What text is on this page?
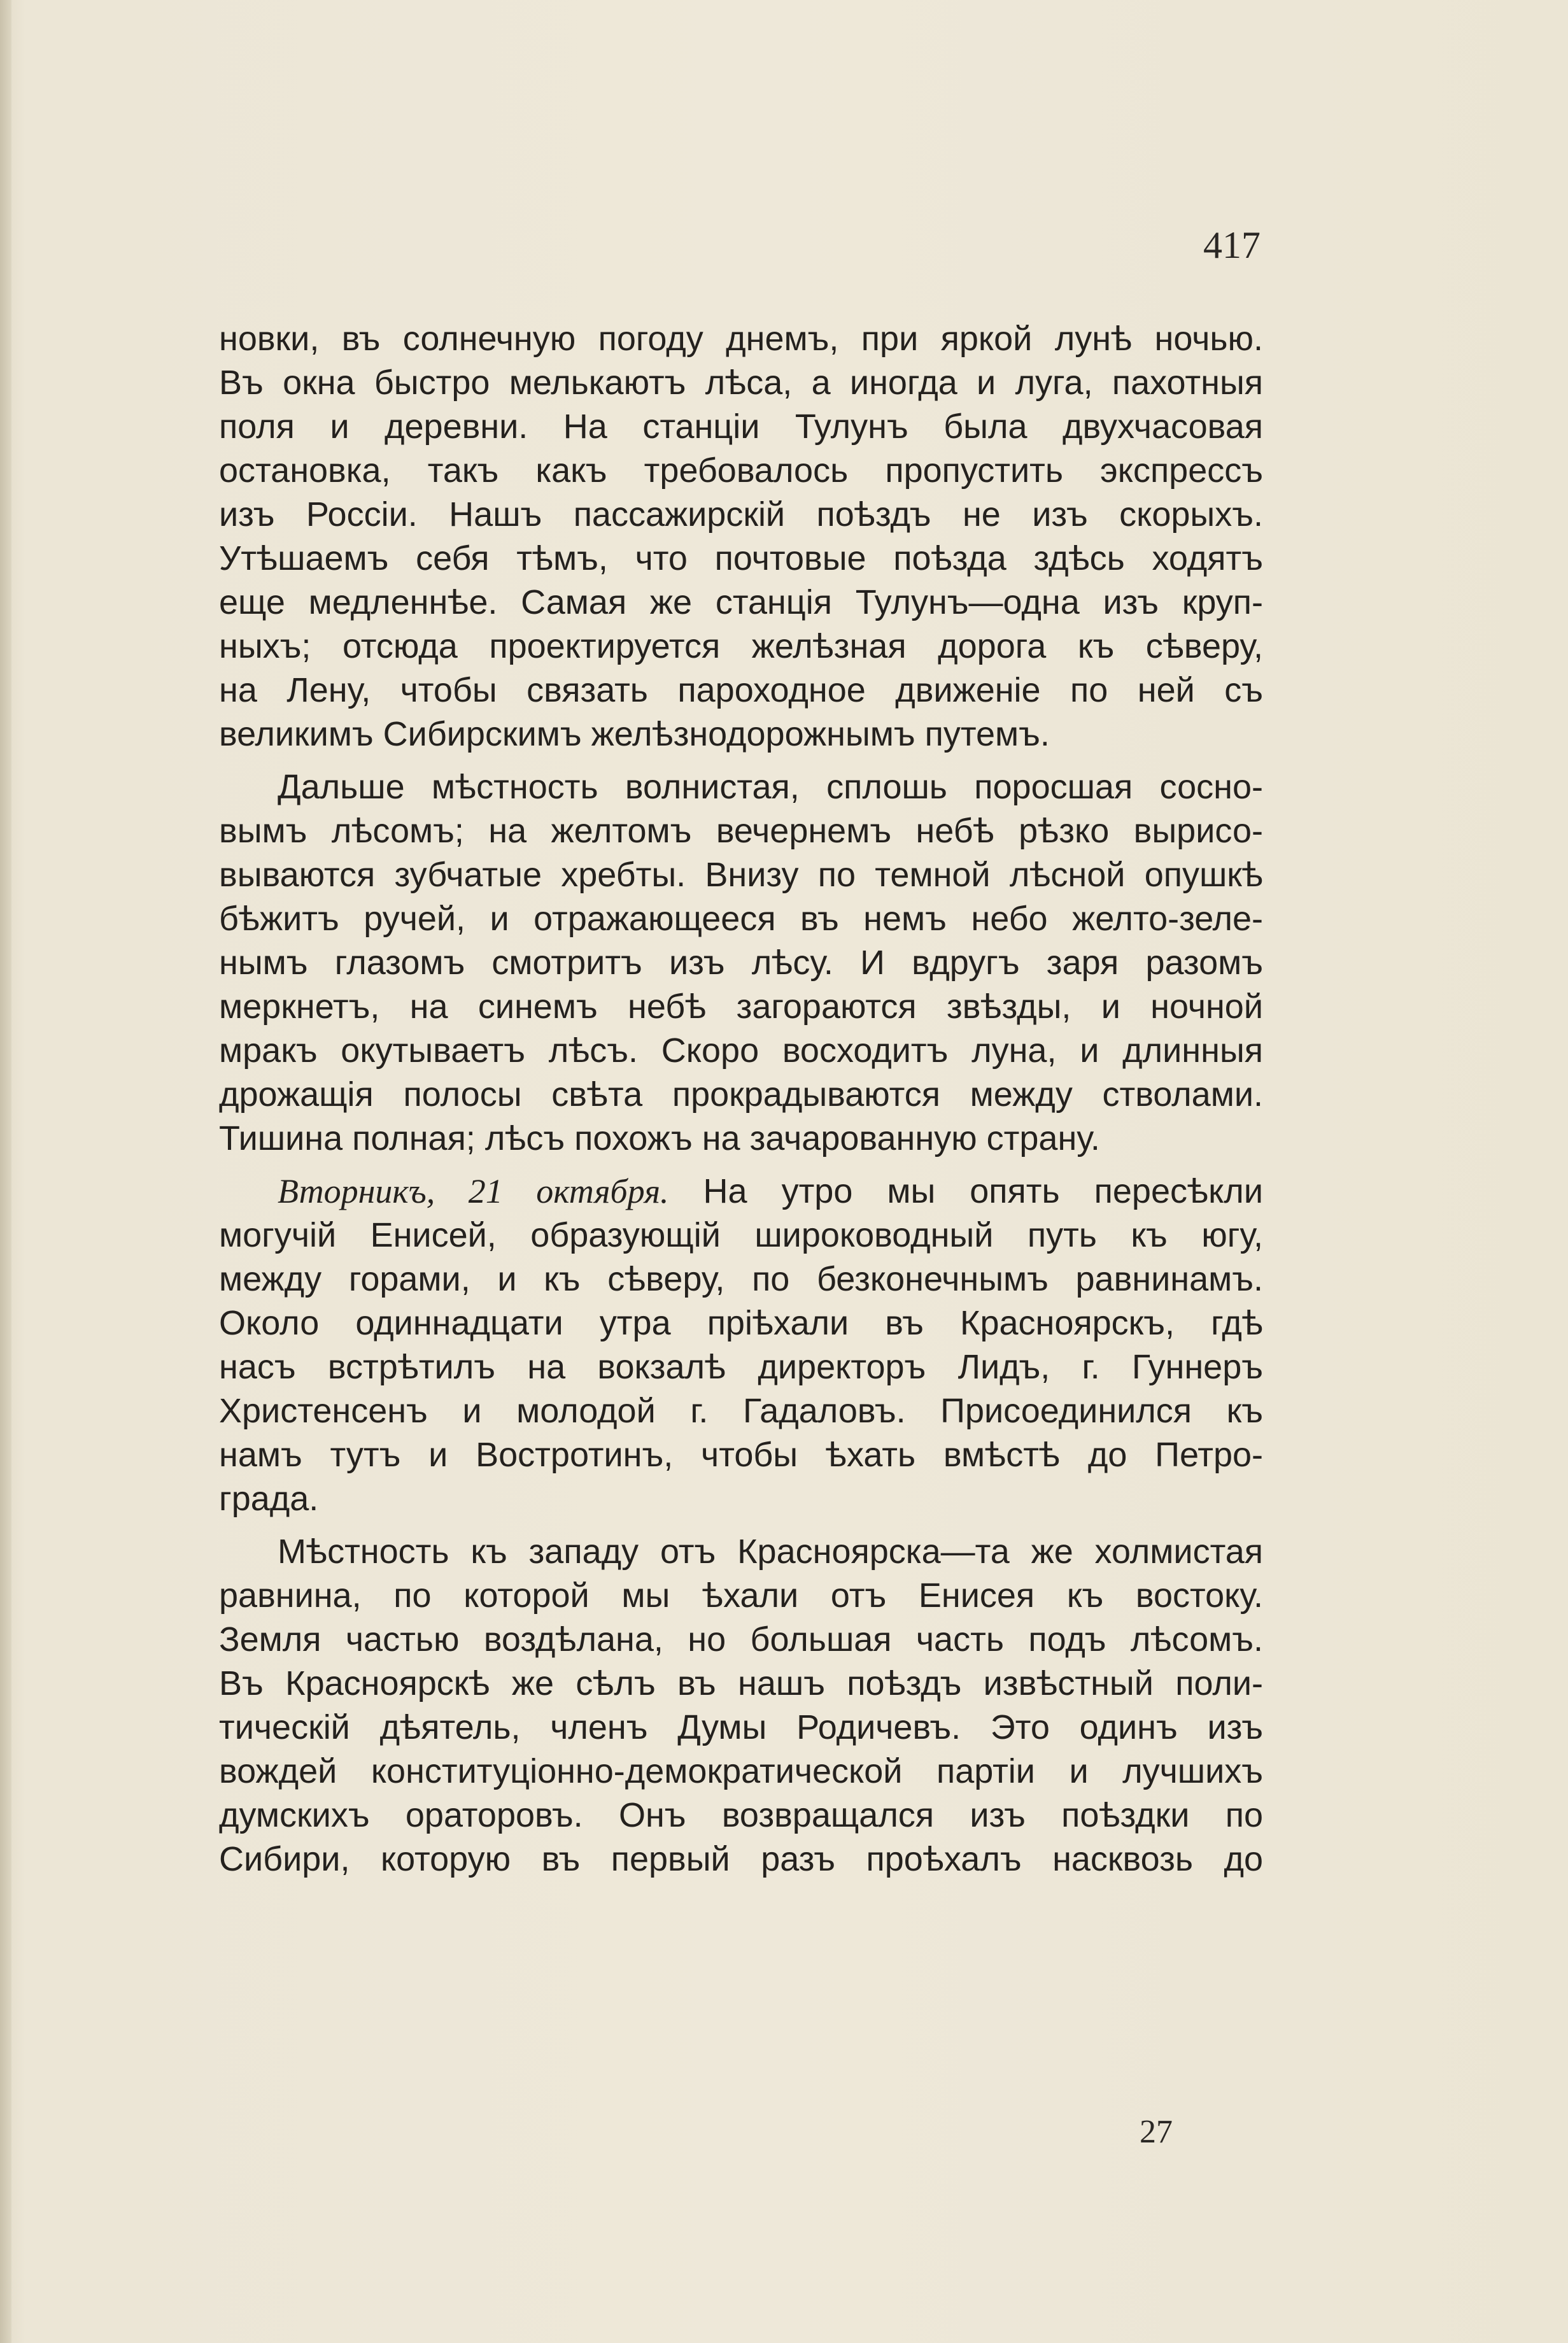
417
новки, въ солнечную погоду днемъ, при яркой лунѣ ночью.
Въ окна быстро мелькаютъ лѣса, а иногда и луга, пахотныя
поля и деревни. На станціи Тулунъ была двухчасовая
остановка, такъ какъ требовалось пропустить экспрессъ
изъ Россіи. Нашъ пассажирскій поѣздъ не изъ скорыхъ.
Утѣшаемъ себя тѣмъ, что почтовые поѣзда здѣсь ходятъ
еще медленнѣе. Самая же станція Тулунъ—одна изъ круп-
ныхъ; отсюда проектируется желѣзная дорога къ сѣверу,
на Лену, чтобы связать пароходное движеніе по ней съ
великимъ Сибирскимъ желѣзнодорожнымъ путемъ.
Дальше мѣстность волнистая, сплошь поросшая сосно-
вымъ лѣсомъ; на желтомъ вечернемъ небѣ рѣзко вырисо-
вываются зубчатые хребты. Внизу по темной лѣсной опушкѣ
бѣжитъ ручей, и отражающееся въ немъ небо желто-зеле-
нымъ глазомъ смотритъ изъ лѣсу. И вдругъ заря разомъ
меркнетъ, на синемъ небѣ загораются звѣзды, и ночной
мракъ окутываетъ лѣсъ. Скоро восходитъ луна, и длинныя
дрожащія полосы свѣта прокрадываются между стволами.
Тишина полная; лѣсъ похожъ на зачарованную страну.
Вторникъ, 21 октября. На утро мы опять пересѣкли
могучій Енисей, образующій широководный путь къ югу,
между горами, и къ сѣверу, по безконечнымъ равнинамъ.
Около одиннадцати утра пріѣхали въ Красноярскъ, гдѣ
насъ встрѣтилъ на вокзалѣ директоръ Лидъ, г. Гуннеръ
Христенсенъ и молодой г. Гадаловъ. Присоединился къ
намъ тутъ и Востротинъ, чтобы ѣхать вмѣстѣ до Петро-
града.
Мѣстность къ западу отъ Красноярска—та же холмистая
равнина, по которой мы ѣхали отъ Енисея къ востоку.
Земля частью воздѣлана, но большая часть подъ лѣсомъ.
Въ Красноярскѣ же сѣлъ въ нашъ поѣздъ извѣстный поли-
тическій дѣятель, членъ Думы Родичевъ. Это одинъ изъ
вождей конституціонно-демократической партіи и лучшихъ
думскихъ ораторовъ. Онъ возвращался изъ поѣздки по
Сибири, которую въ первый разъ проѣхалъ насквозь до
27
